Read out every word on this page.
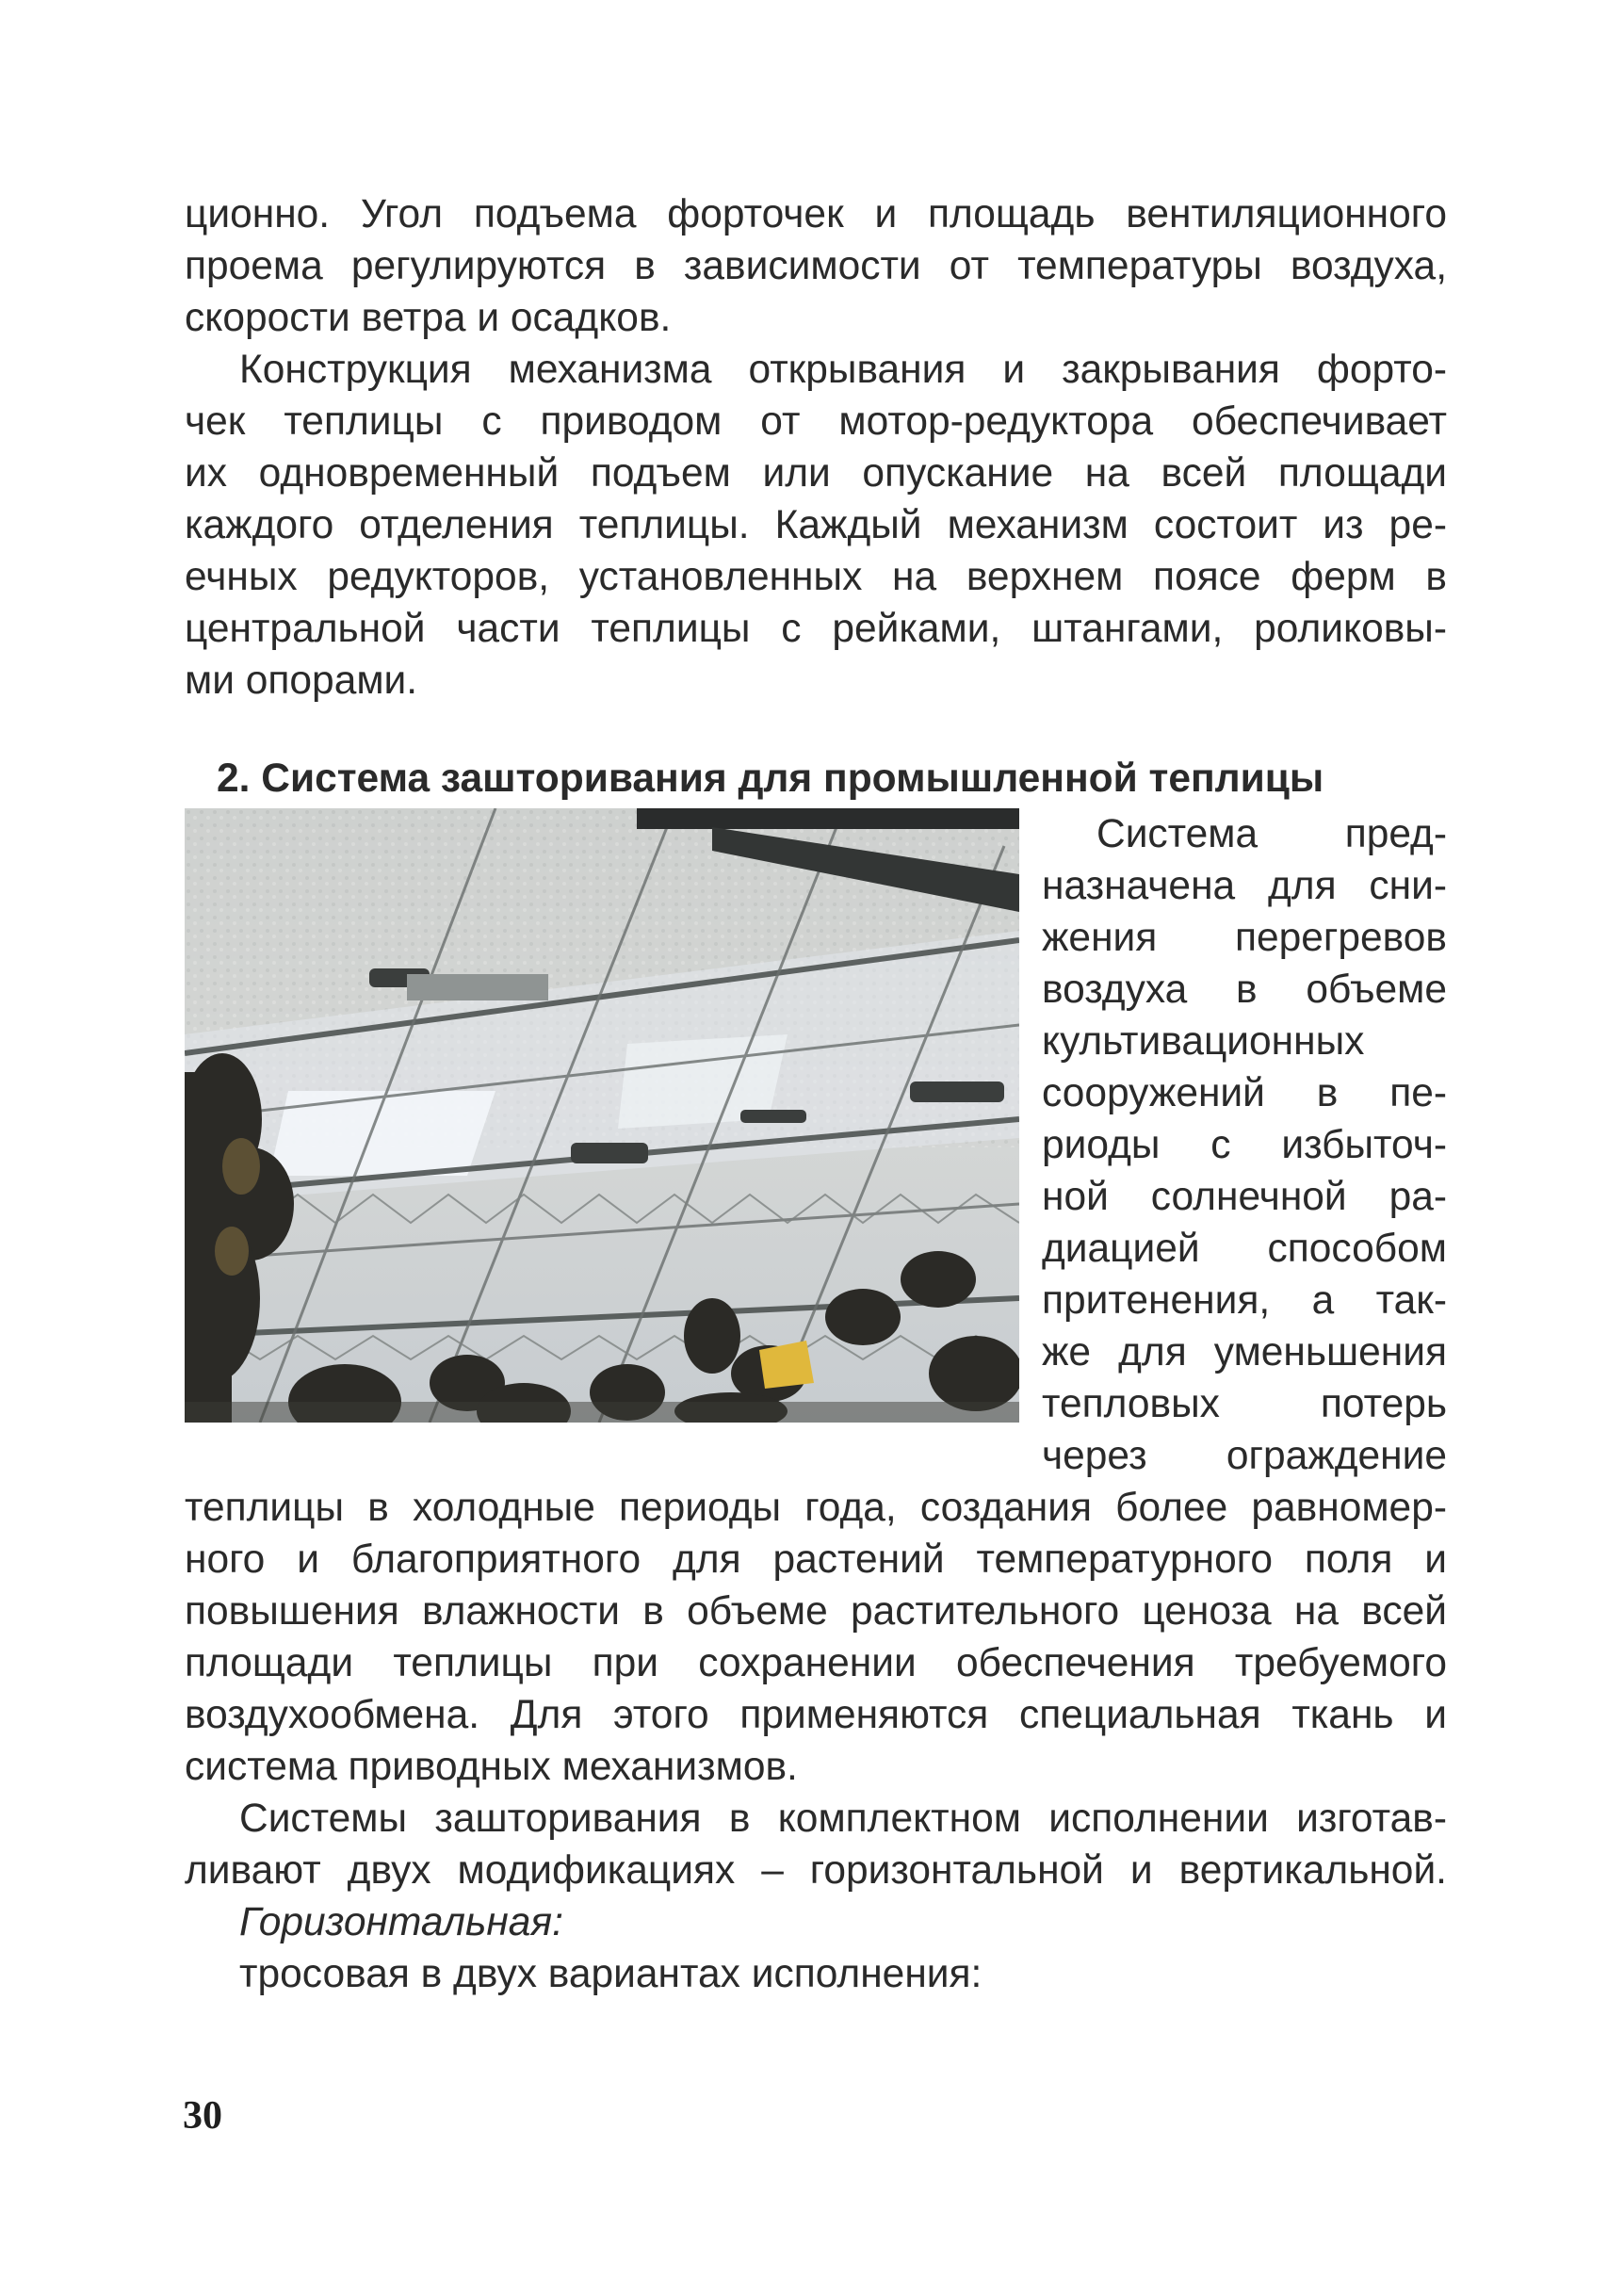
ционно. Угол подъема форточек и площадь вентиляционного
проема регулируются в зависимости от температуры воздуха,
скорости ветра и осадков.
Конструкция механизма открывания и закрывания форто-
чек теплицы с приводом от мотор-редуктора обеспечивает
их одновременный подъем или опускание на всей площади
каждого отделения теплицы. Каждый механизм состоит из ре-
ечных редукторов, установленных на верхнем поясе ферм в
центральной части теплицы с рейками, штангами, роликовы-
ми опорами.
2. Система зашторивания для промышленной теплицы
Система пред-
назначена для сни-
жения перегревов
воздуха в объеме
культивационных
сооружений в пе-
риоды с избыточ-
ной солнечной ра-
диацией способом
притенения, а так-
же для уменьшения
тепловых потерь
через ограждение
теплицы в холодные периоды года, создания более равномер-
ного и благоприятного для растений температурного поля и
повышения влажности в объеме растительного ценоза на всей
площади теплицы при сохранении обеспечения требуемого
воздухообмена. Для этого применяются специальная ткань и
система приводных механизмов.
Системы зашторивания в комплектном исполнении изготав-
ливают двух модификациях – горизонтальной и вертикальной.
Горизонтальная:
тросовая в двух вариантах исполнения:
30
